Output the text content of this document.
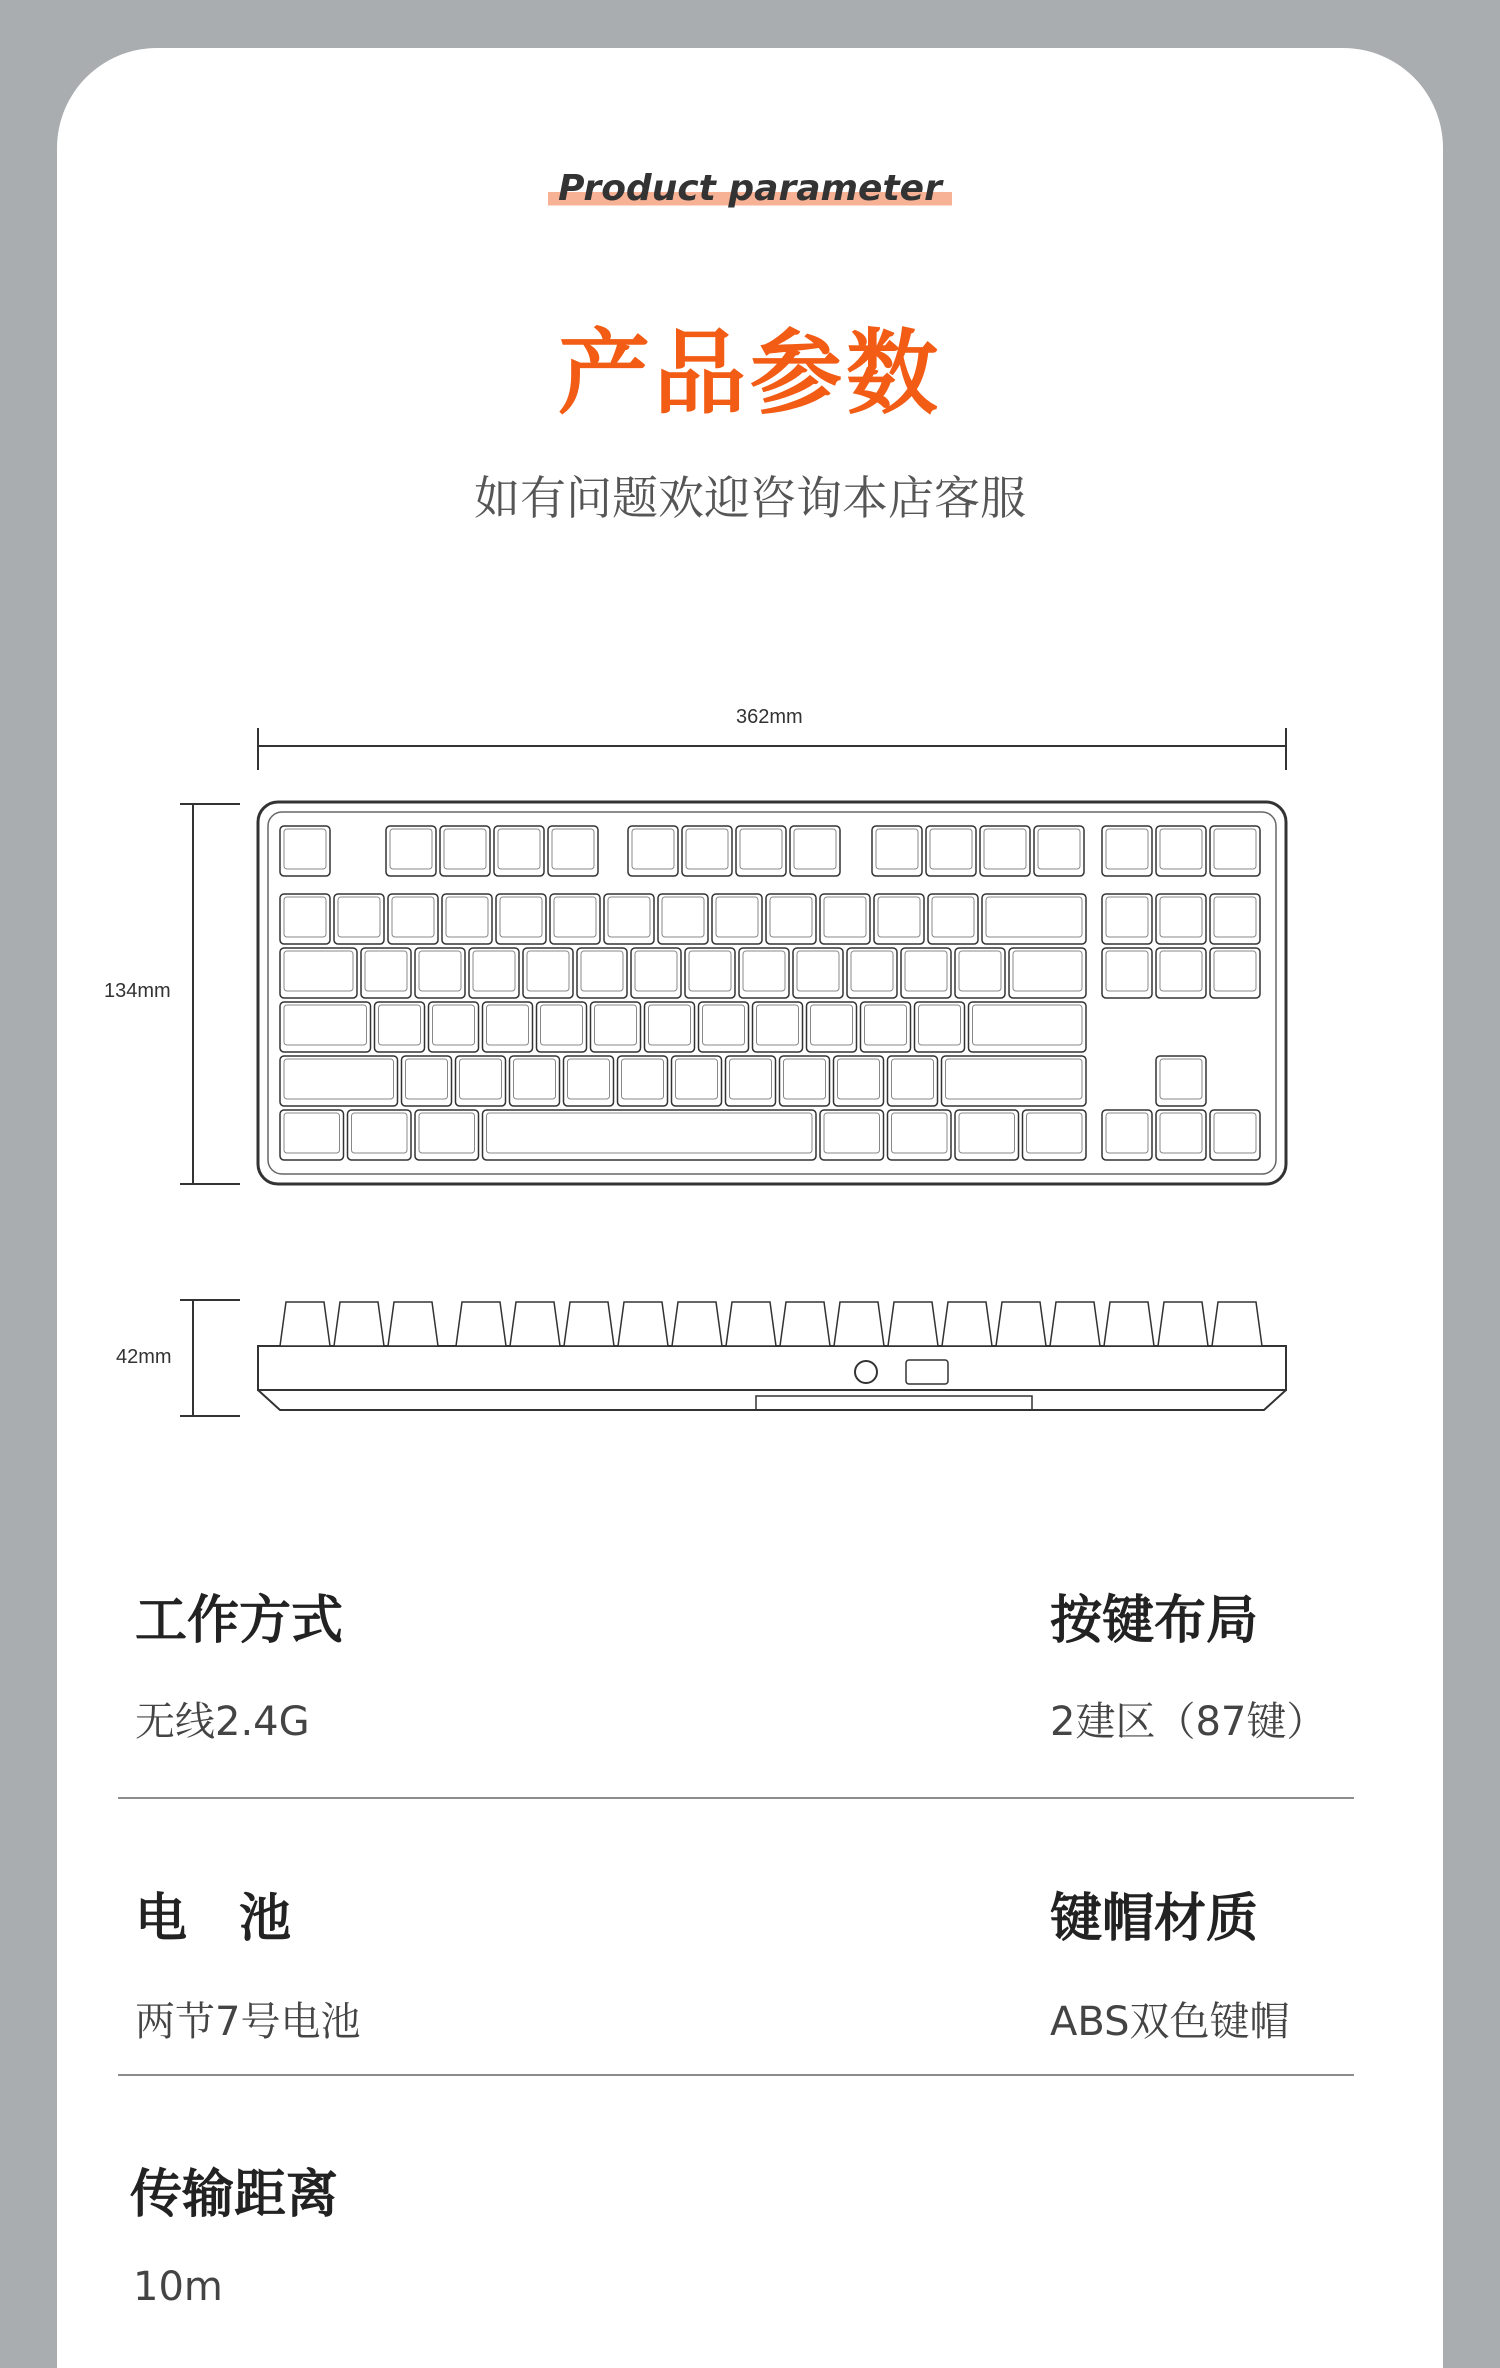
Product parameter
产品参数
如有问题欢迎咨询本店客服
362mm
134mm
42mm
工作方式
无线2.4G
按键布局
2建区（87键）
电　池
两节7号电池
键帽材质
ABS双色键帽
传输距离
10m
